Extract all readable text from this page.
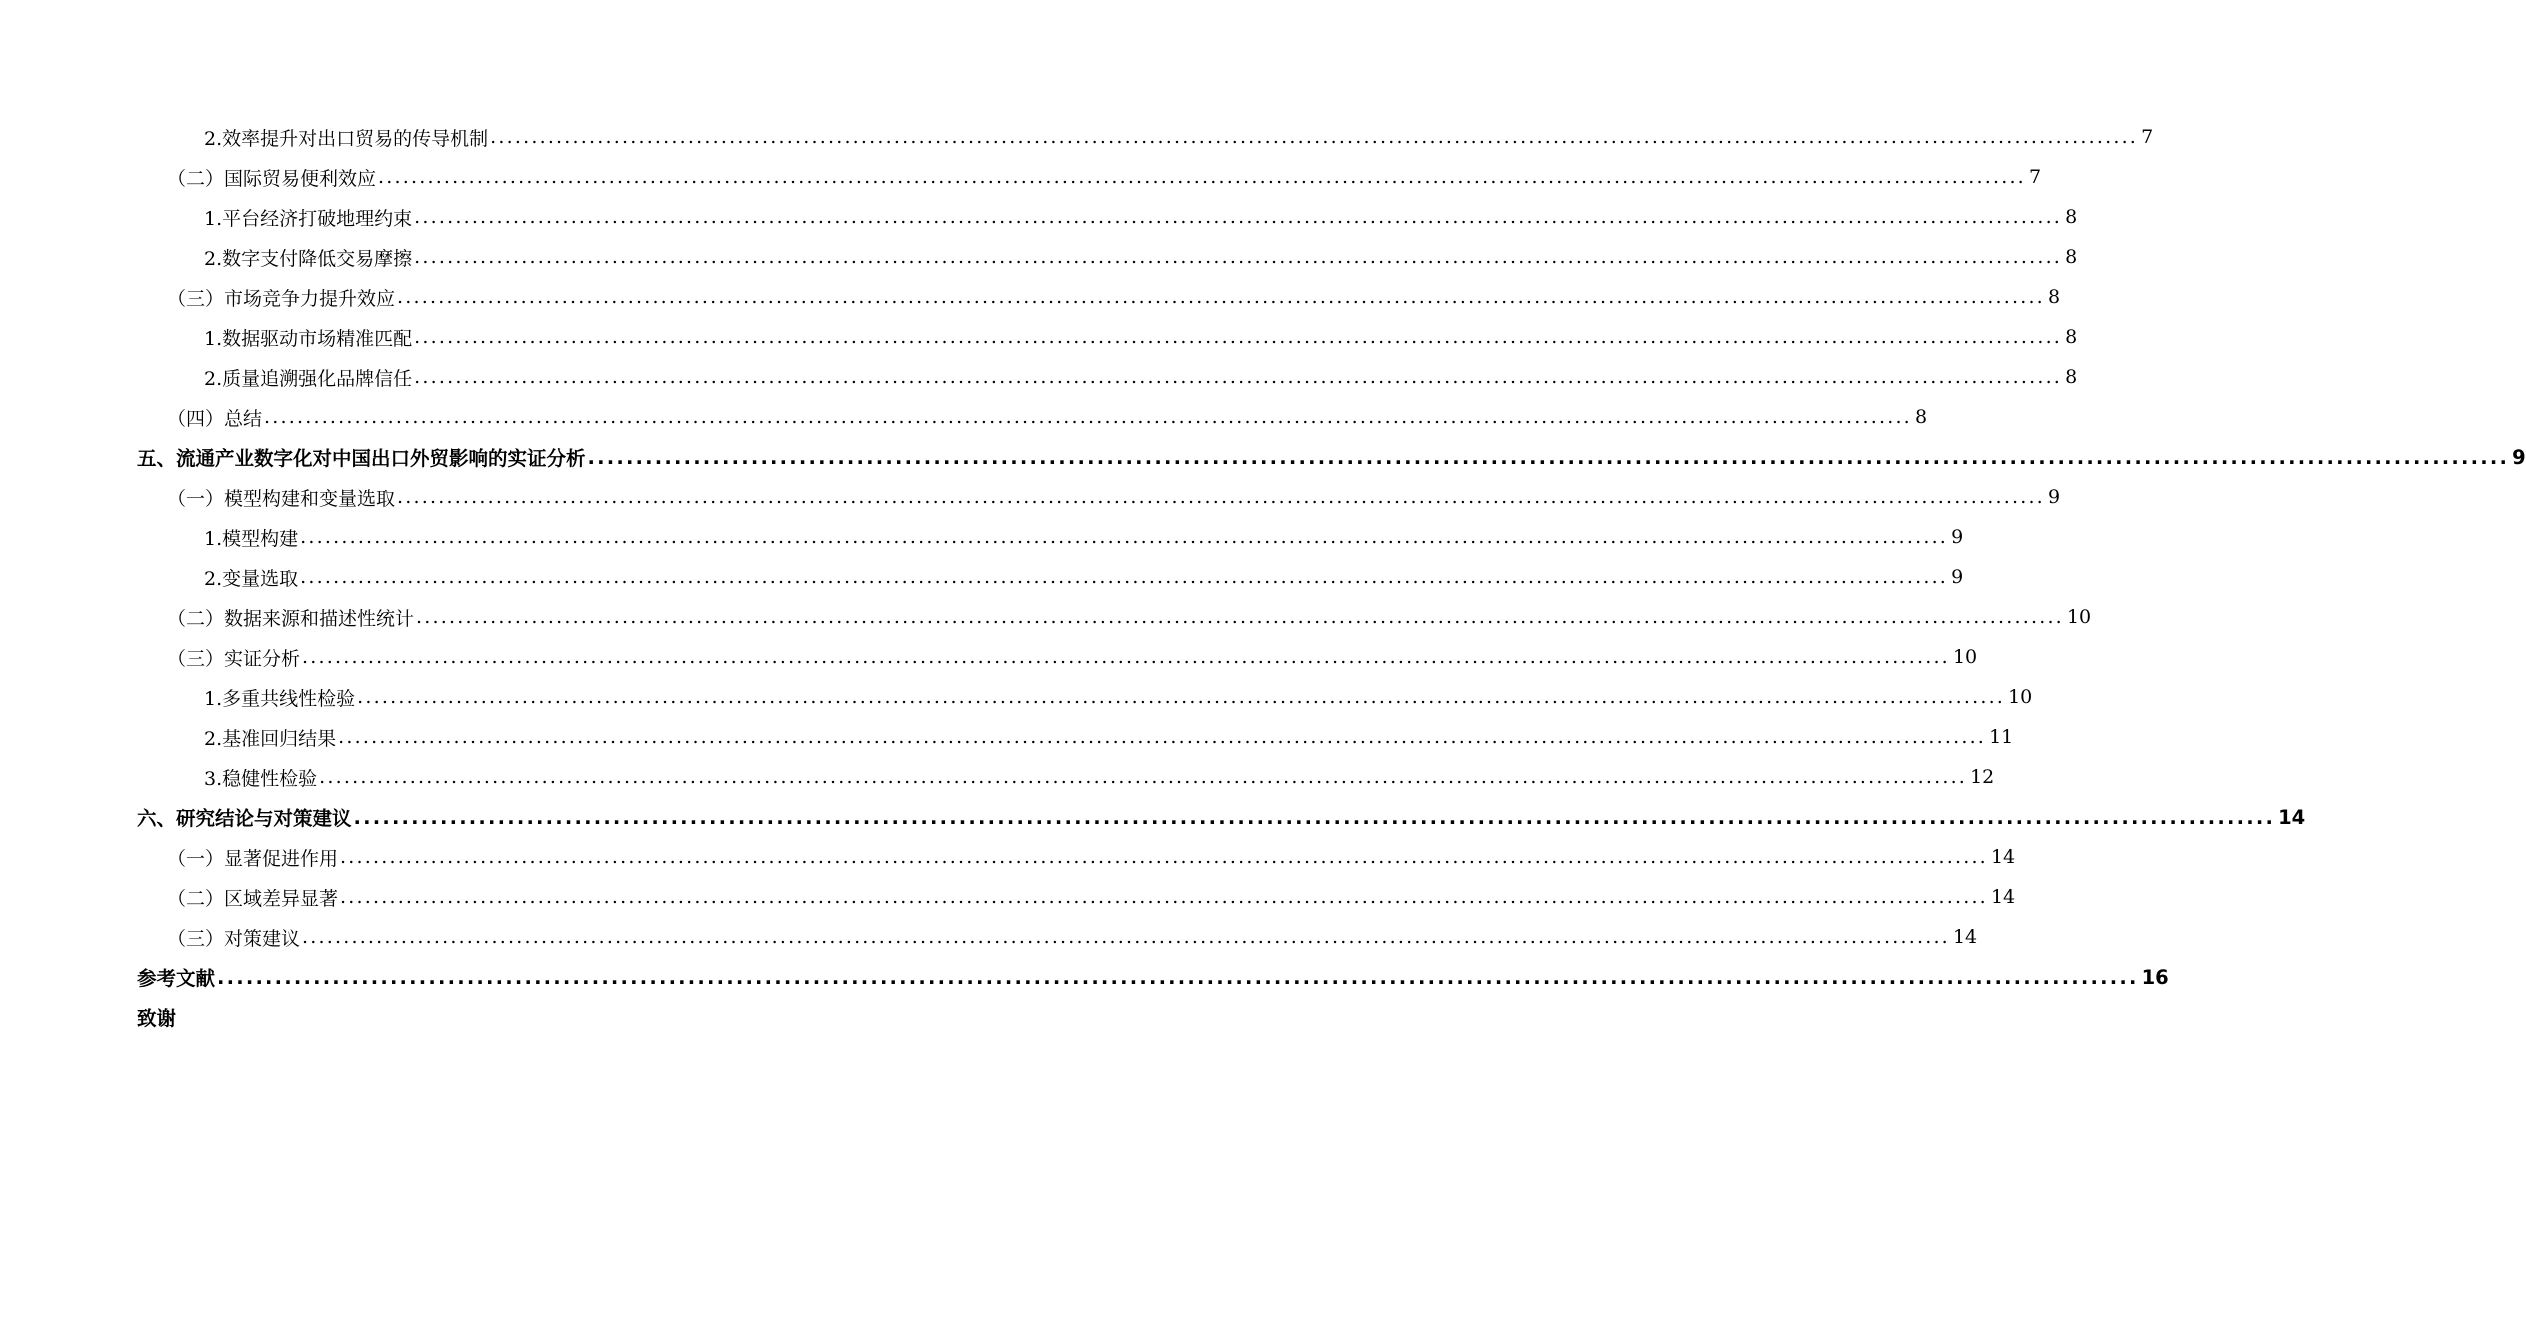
2.效率提升对出口贸易的传导机制 ........................................................................................................................................................................................................ 7
（二）国际贸易便利效应 ........................................................................................................................................................................................................ 7
1.平台经济打破地理约束 ........................................................................................................................................................................................................ 8
2.数字支付降低交易摩擦 ........................................................................................................................................................................................................ 8
（三）市场竞争力提升效应 ........................................................................................................................................................................................................ 8
1.数据驱动市场精准匹配 ........................................................................................................................................................................................................ 8
2.质量追溯强化品牌信任 ........................................................................................................................................................................................................ 8
（四）总结 ........................................................................................................................................................................................................ 8
五、流通产业数字化对中国出口外贸影响的实证分析 ........................................................................................................................................................................................................ 9
（一）模型构建和变量选取 ........................................................................................................................................................................................................ 9
1.模型构建 ........................................................................................................................................................................................................ 9
2.变量选取 ........................................................................................................................................................................................................ 9
（二）数据来源和描述性统计 ........................................................................................................................................................................................................ 10
（三）实证分析 ........................................................................................................................................................................................................ 10
1.多重共线性检验 ........................................................................................................................................................................................................ 10
2.基准回归结果 ........................................................................................................................................................................................................ 11
3.稳健性检验 ........................................................................................................................................................................................................ 12
六、研究结论与对策建议 ........................................................................................................................................................................................................ 14
（一）显著促进作用 ........................................................................................................................................................................................................ 14
（二）区域差异显著 ........................................................................................................................................................................................................ 14
（三）对策建议 ........................................................................................................................................................................................................ 14
参考文献 ........................................................................................................................................................................................................ 16
致谢
